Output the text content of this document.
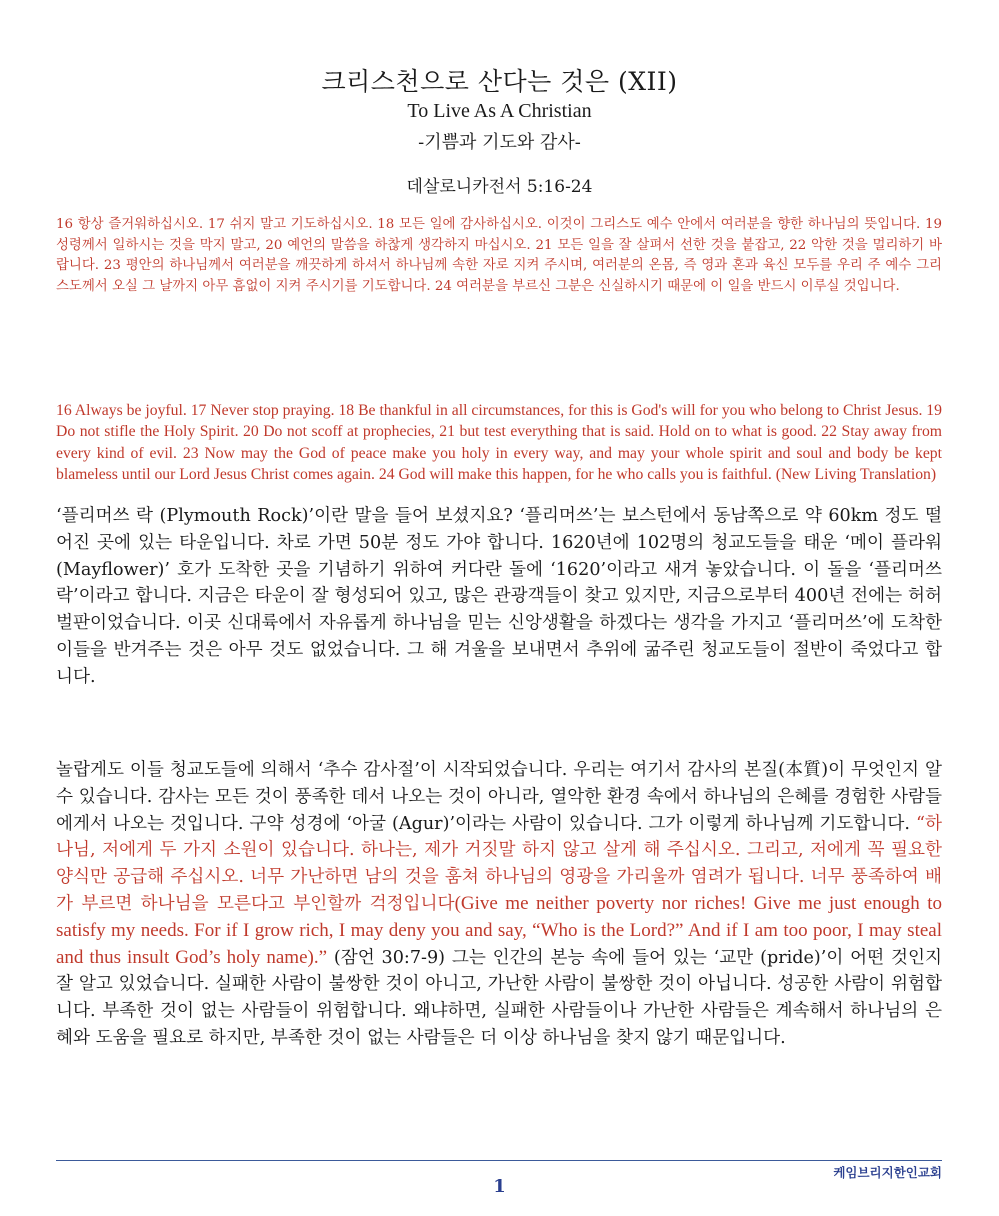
크리스천으로 산다는 것은 (XII)
To Live As A Christian
-기쁨과 기도와 감사-
데살로니카전서 5:16-24
16 항상 즐거워하십시오. 17 쉬지 말고 기도하십시오. 18 모든 일에 감사하십시오. 이것이 그리스도 예수 안에서 여러분을 향한 하나님의 뜻입니다. 19 성령께서 일하시는 것을 막지 말고, 20 예언의 말씀을 하찮게 생각하지 마십시오. 21 모든 일을 잘 살펴서 선한 것을 붙잡고, 22 악한 것을 멀리하기 바랍니다. 23 평안의 하나님께서 여러분을 깨끗하게 하셔서 하나님께 속한 자로 지켜 주시며, 여러분의 온몸, 즉 영과 혼과 육신 모두를 우리 주 예수 그리스도께서 오실 그 날까지 아무 흠없이 지켜 주시기를 기도합니다. 24 여러분을 부르신 그분은 신실하시기 때문에 이 일을 반드시 이루실 것입니다.
16 Always be joyful. 17 Never stop praying. 18 Be thankful in all circumstances, for this is God's will for you who belong to Christ Jesus. 19 Do not stifle the Holy Spirit. 20 Do not scoff at prophecies, 21 but test everything that is said. Hold on to what is good. 22 Stay away from every kind of evil. 23 Now may the God of peace make you holy in every way, and may your whole spirit and soul and body be kept blameless until our Lord Jesus Christ comes again. 24 God will make this happen, for he who calls you is faithful. (New Living Translation)
‘플리머쓰 락 (Plymouth Rock)’이란 말을 들어 보셨지요? ‘플리머쓰’는 보스턴에서 동남쪽으로 약 60km 정도 떨어진 곳에 있는 타운입니다. 차로 가면 50분 정도 가야 합니다. 1620년에 102명의 청교도들을 태운 ‘메이 플라워 (Mayflower)’ 호가 도착한 곳을 기념하기 위하여 커다란 돌에 ‘1620’이라고 새겨 놓았습니다. 이 돌을 ‘플리머쓰 락’이라고 합니다. 지금은 타운이 잘 형성되어 있고, 많은 관광객들이 찾고 있지만, 지금으로부터 400년 전에는 허허 벌판이었습니다. 이곳 신대륙에서 자유롭게 하나님을 믿는 신앙생활을 하겠다는 생각을 가지고 ‘플리머쓰’에 도착한 이들을 반겨주는 것은 아무 것도 없었습니다. 그 해 겨울을 보내면서 추위에 굶주린 청교도들이 절반이 죽었다고 합니다.
놀랍게도 이들 청교도들에 의해서 ‘추수 감사절’이 시작되었습니다. 우리는 여기서 감사의 본질(本質)이 무엇인지 알 수 있습니다. 감사는 모든 것이 풍족한 데서 나오는 것이 아니라, 열악한 환경 속에서 하나님의 은혜를 경험한 사람들에게서 나오는 것입니다. 구약 성경에 ‘아굴 (Agur)’이라는 사람이 있습니다. 그가 이렇게 하나님께 기도합니다. “하나님, 저에게 두 가지 소원이 있습니다. 하나는, 제가 거짓말 하지 않고 살게 해 주십시오. 그리고, 저에게 꼭 필요한 양식만 공급해 주십시오. 너무 가난하면 남의 것을 훔쳐 하나님의 영광을 가리울까 염려가 됩니다. 너무 풍족하여 배가 부르면 하나님을 모른다고 부인할까 걱정입니다(Give me neither poverty nor riches! Give me just enough to satisfy my needs. For if I grow rich, I may deny you and say, “Who is the Lord?” And if I am too poor, I may steal and thus insult God’s holy name).” (잠언 30:7-9) 그는 인간의 본능 속에 들어 있는 ‘교만 (pride)’이 어떤 것인지 잘 알고 있었습니다. 실패한 사람이 불쌍한 것이 아니고, 가난한 사람이 불쌍한 것이 아닙니다. 성공한 사람이 위험합니다. 부족한 것이 없는 사람들이 위험합니다. 왜냐하면, 실패한 사람들이나 가난한 사람들은 계속해서 하나님의 은혜와 도움을 필요로 하지만, 부족한 것이 없는 사람들은 더 이상 하나님을 찾지 않기 때문입니다.
1
케임브리지한인교회
